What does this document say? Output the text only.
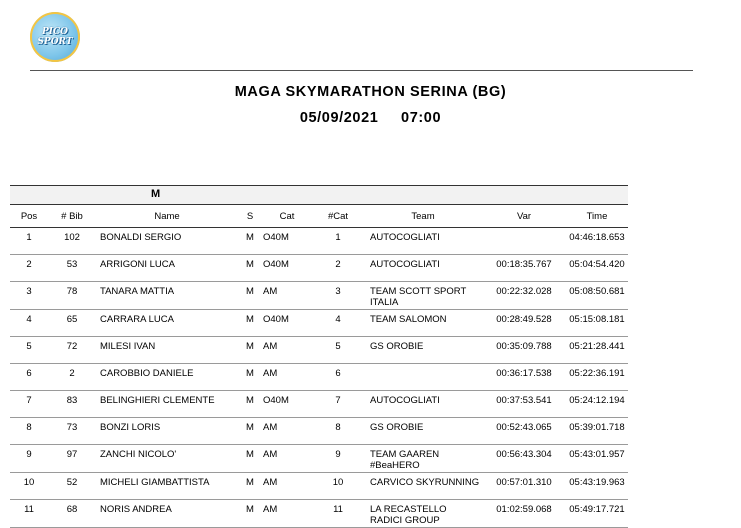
PICO
SPORT
MAGA SKYMARATHON SERINA (BG)
05/09/2021 07:00
M
Pos	# Bib	Name	S	Cat	#Cat	Team	Var	Time
1	102	BONALDI SERGIO	M	O40M	1	AUTOCOGLIATI		04:46:18.653
2	53	ARRIGONI LUCA	M	O40M	2	AUTOCOGLIATI	00:18:35.767	05:04:54.420
3	78	TANARA MATTIA	M	AM	3	TEAM SCOTT SPORT ITALIA	00:22:32.028	05:08:50.681
4	65	CARRARA LUCA	M	O40M	4	TEAM SALOMON	00:28:49.528	05:15:08.181
5	72	MILESI IVAN	M	AM	5	GS OROBIE	00:35:09.788	05:21:28.441
6	2	CAROBBIO DANIELE	M	AM	6		00:36:17.538	05:22:36.191
7	83	BELINGHIERI CLEMENTE	M	O40M	7	AUTOCOGLIATI	00:37:53.541	05:24:12.194
8	73	BONZI LORIS	M	AM	8	GS OROBIE	00:52:43.065	05:39:01.718
9	97	ZANCHI NICOLO'	M	AM	9	TEAM GAAREN #BeaHERO	00:56:43.304	05:43:01.957
10	52	MICHELI GIAMBATTISTA	M	AM	10	CARVICO SKYRUNNING	00:57:01.310	05:43:19.963
11	68	NORIS ANDREA	M	AM	11	LA RECASTELLO RADICI GROUP	01:02:59.068	05:49:17.721
